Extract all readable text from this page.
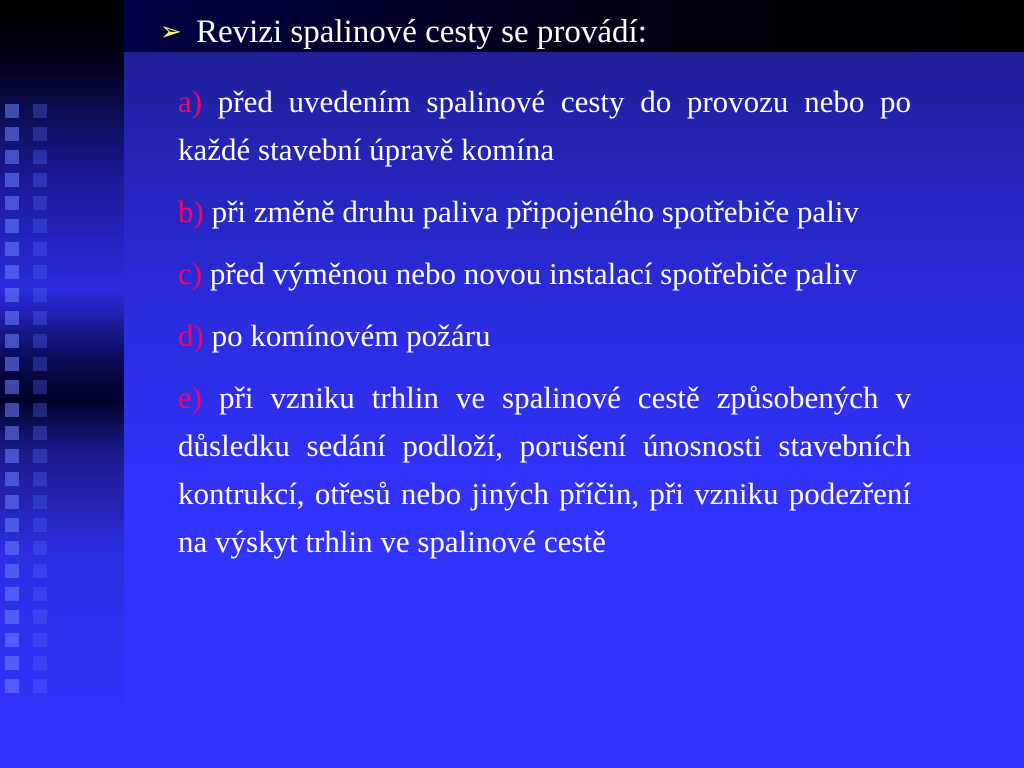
➢ Revizi spalinové cesty se provádí:

a) před uvedením spalinové cesty do provozu nebo po každé stavební úpravě komína

b) při změně druhu paliva připojeného spotřebiče paliv

c) před výměnou nebo novou instalací spotřebiče paliv

d) po komínovém požáru

e) při vzniku trhlin ve spalinové cestě způsobených v důsledku sedání podloží, porušení únosnosti stavebních kontrukcí, otřesů nebo jiných příčin, při vzniku podezření na výskyt trhlin ve spalinové cestě
